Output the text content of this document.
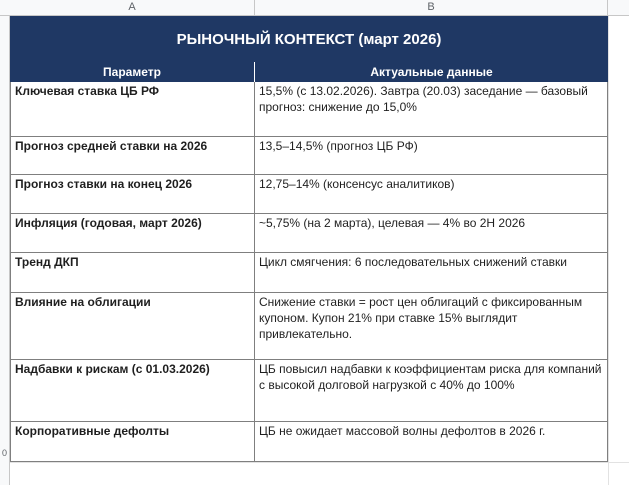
A	B
0
РЫНОЧНЫЙ КОНТЕКСТ (март 2026)
Параметр	Актуальные данные
Ключевая ставка ЦБ РФ	15,5% (с 13.02.2026). Завтра (20.03) заседание — базовый прогноз: снижение до 15,0%
Прогноз средней ставки на 2026	13,5–14,5% (прогноз ЦБ РФ)
Прогноз ставки на конец 2026	12,75–14% (консенсус аналитиков)
Инфляция (годовая, март 2026)	~5,75% (на 2 марта), целевая — 4% во 2Н 2026
Тренд ДКП	Цикл смягчения: 6 последовательных снижений ставки
Влияние на облигации	Снижение ставки = рост цен облигаций с фиксированным купоном. Купон 21% при ставке 15% выглядит привлекательно.
Надбавки к рискам (с 01.03.2026)	ЦБ повысил надбавки к коэффициентам риска для компаний с высокой долговой нагрузкой с 40% до 100%
Корпоративные дефолты	ЦБ не ожидает массовой волны дефолтов в 2026 г.
